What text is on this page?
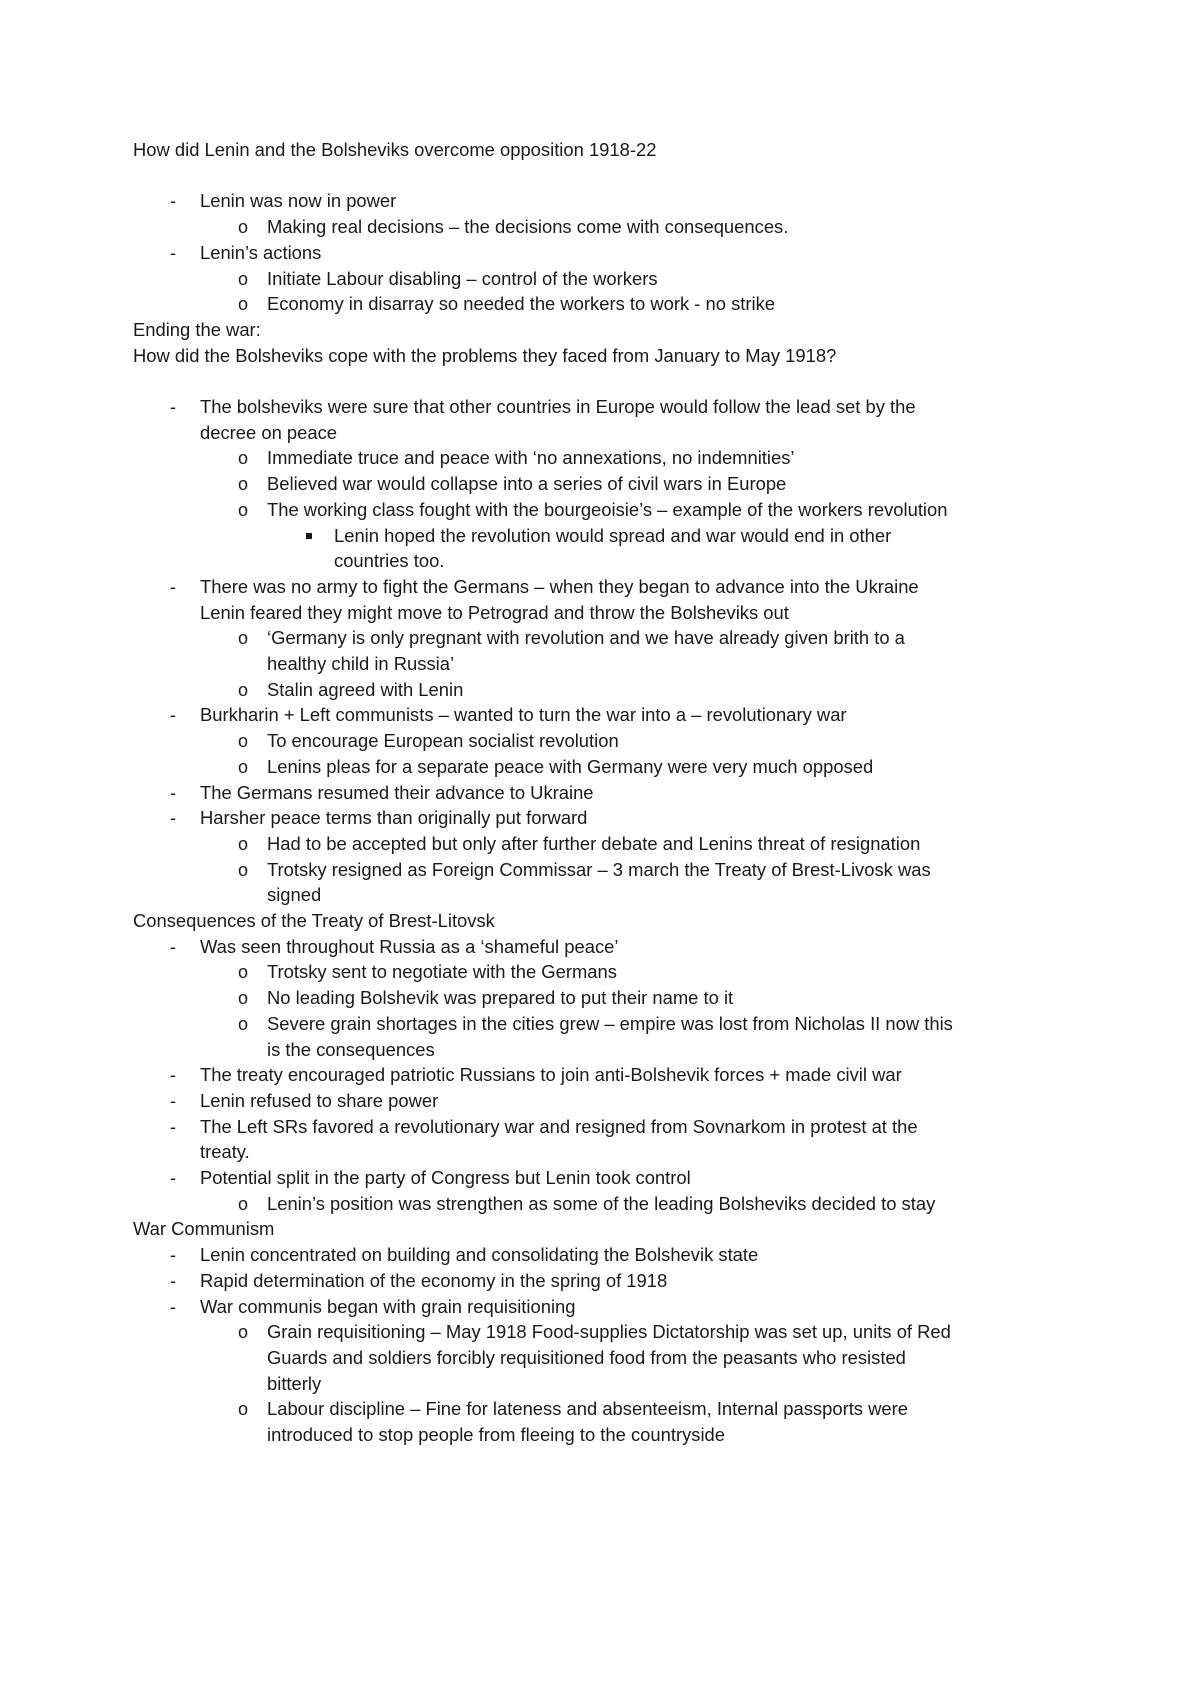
How did Lenin and the Bolsheviks overcome opposition 1918-22
- Lenin was now in power
o Making real decisions – the decisions come with consequences.
- Lenin’s actions
o Initiate Labour disabling – control of the workers
o Economy in disarray so needed the workers to work - no strike
Ending the war:
How did the Bolsheviks cope with the problems they faced from January to May 1918?
- The bolsheviks were sure that other countries in Europe would follow the lead set by the
decree on peace
o Immediate truce and peace with ‘no annexations, no indemnities’
o Believed war would collapse into a series of civil wars in Europe
o The working class fought with the bourgeoisie’s – example of the workers revolution
Lenin hoped the revolution would spread and war would end in other
countries too.
- There was no army to fight the Germans – when they began to advance into the Ukraine
Lenin feared they might move to Petrograd and throw the Bolsheviks out
o ‘Germany is only pregnant with revolution and we have already given brith to a
healthy child in Russia’
o Stalin agreed with Lenin
- Burkharin + Left communists – wanted to turn the war into a – revolutionary war
o To encourage European socialist revolution
o Lenins pleas for a separate peace with Germany were very much opposed
- The Germans resumed their advance to Ukraine
- Harsher peace terms than originally put forward
o Had to be accepted but only after further debate and Lenins threat of resignation
o Trotsky resigned as Foreign Commissar – 3 march the Treaty of Brest-Livosk was
signed
Consequences of the Treaty of Brest-Litovsk
- Was seen throughout Russia as a ‘shameful peace’
o Trotsky sent to negotiate with the Germans
o No leading Bolshevik was prepared to put their name to it
o Severe grain shortages in the cities grew – empire was lost from Nicholas II now this
is the consequences
- The treaty encouraged patriotic Russians to join anti-Bolshevik forces + made civil war
- Lenin refused to share power
- The Left SRs favored a revolutionary war and resigned from Sovnarkom in protest at the
treaty.
- Potential split in the party of Congress but Lenin took control
o Lenin’s position was strengthen as some of the leading Bolsheviks decided to stay
War Communism
- Lenin concentrated on building and consolidating the Bolshevik state
- Rapid determination of the economy in the spring of 1918
- War communis began with grain requisitioning
o Grain requisitioning – May 1918 Food-supplies Dictatorship was set up, units of Red
Guards and soldiers forcibly requisitioned food from the peasants who resisted
bitterly
o Labour discipline – Fine for lateness and absenteeism, Internal passports were
introduced to stop people from fleeing to the countryside
